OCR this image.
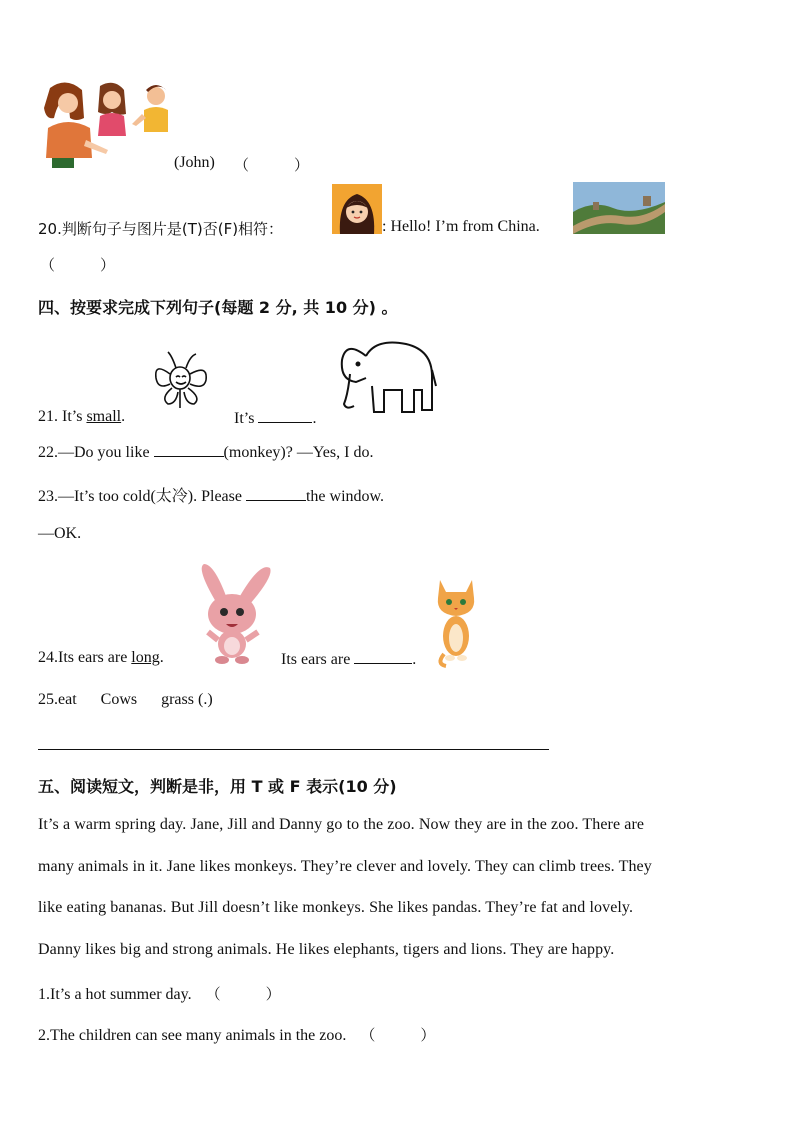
(John) （　　　）
20.判断句子与图片是(T)否(F)相符：	: Hello! I’m from China.
（　　　）
四、按要求完成下列句子(每题 2 分, 共 10 分) 。
21. It’s small.	It’s	.
22.—Do you like	(monkey)? —Yes, I do.
23.—It’s too cold(太冷). Please	the window.
—OK.
24.Its ears are long.	Its ears are	.
25.eat      Cows      grass (.)
五、阅读短文，判断是非，用 T 或 F 表示(10 分)
It’s a warm spring day. Jane, Jill and Danny go to the zoo. Now they are in the zoo. There are
many animals in it. Jane likes monkeys. They’re clever and lovely. They can climb trees. They
like eating bananas. But Jill doesn’t like monkeys. She likes pandas. They’re fat and lovely.
Danny likes big and strong animals. He likes elephants, tigers and lions. They are happy.
1.It’s a hot summer day. （　　　）
2.The children can see many animals in the zoo. （　　　）
